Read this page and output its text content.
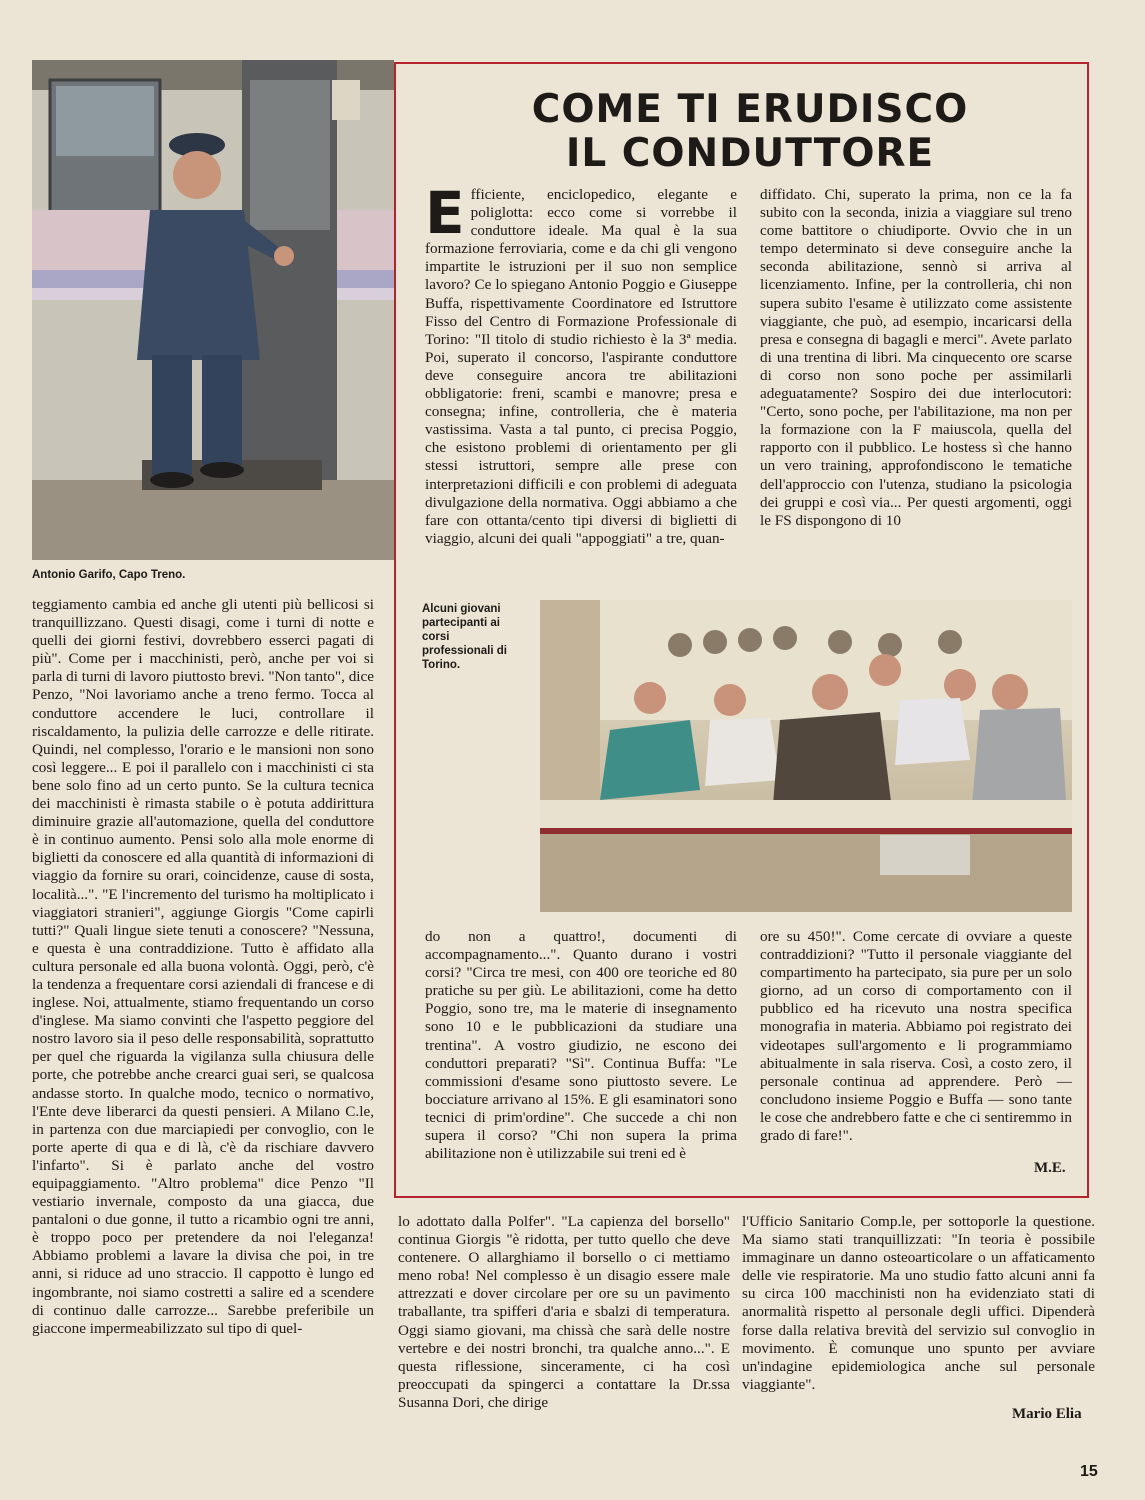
Antonio Garifo, Capo Treno.

COME TI ERUDISCO
IL CONDUTTORE
Efficiente, enciclopedico, elegante e poliglotta: ecco come si vorrebbe il conduttore ideale. Ma qual è la sua formazione ferroviaria, come e da chi gli vengono impartite le istruzioni per il suo non semplice lavoro? Ce lo spiegano Antonio Poggio e Giuseppe Buffa, rispettivamente Coordinatore ed Istruttore Fisso del Centro di Formazione Professionale di Torino: "Il titolo di studio richiesto è la 3ª media. Poi, superato il concorso, l'aspirante conduttore deve conseguire ancora tre abilitazioni obbligatorie: freni, scambi e manovre; presa e consegna; infine, controlleria, che è materia vastissima. Vasta a tal punto, ci precisa Poggio, che esistono problemi di orientamento per gli stessi istruttori, sempre alle prese con interpretazioni difficili e con problemi di adeguata divulgazione della normativa. Oggi abbiamo a che fare con ottanta/cento tipi diversi di biglietti di viaggio, alcuni dei quali "appoggiati" a tre, quan-

diffidato. Chi, superato la prima, non ce la fa subito con la seconda, inizia a viaggiare sul treno come battitore o chiudiporte. Ovvio che in un tempo determinato si deve conseguire anche la seconda abilitazione, sennò si arriva al licenziamento. Infine, per la controlleria, chi non supera subito l'esame è utilizzato come assistente viaggiante, che può, ad esempio, incaricarsi della presa e consegna di bagagli e merci". Avete parlato di una trentina di libri. Ma cinquecento ore scarse di corso non sono poche per assimilarli adeguatamente? Sospiro dei due interlocutori: "Certo, sono poche, per l'abilitazione, ma non per la formazione con la F maiuscola, quella del rapporto con il pubblico. Le hostess sì che hanno un vero training, approfondiscono le tematiche dell'approccio con l'utenza, studiano la psicologia dei gruppi e così via... Per questi argomenti, oggi le FS dispongono di 10

Alcuni giovani partecipanti ai corsi professionali di Torino.

do non a quattro!, documenti di accompagnamento...". Quanto durano i vostri corsi? "Circa tre mesi, con 400 ore teoriche ed 80 pratiche su per giù. Le abilitazioni, come ha detto Poggio, sono tre, ma le materie di insegnamento sono 10 e le pubblicazioni da studiare una trentina". A vostro giudizio, ne escono dei conduttori preparati? "Sì". Continua Buffa: "Le commissioni d'esame sono piuttosto severe. Le bocciature arrivano al 15%. E gli esaminatori sono tecnici di prim'ordine". Che succede a chi non supera il corso? "Chi non supera la prima abilitazione non è utilizzabile sui treni ed è

ore su 450!". Come cercate di ovviare a queste contraddizioni? "Tutto il personale viaggiante del compartimento ha partecipato, sia pure per un solo giorno, ad un corso di comportamento con il pubblico ed ha ricevuto una nostra specifica monografia in materia. Abbiamo poi registrato dei videotapes sull'argomento e li programmiamo abitualmente in sala riserva. Così, a costo zero, il personale continua ad apprendere. Però — concludono insieme Poggio e Buffa — sono tante le cose che andrebbero fatte e che ci sentiremmo in grado di fare!".

M.E.

teggiamento cambia ed anche gli utenti più bellicosi si tranquillizzano. Questi disagi, come i turni di notte e quelli dei giorni festivi, dovrebbero esserci pagati di più". Come per i macchinisti, però, anche per voi si parla di turni di lavoro piuttosto brevi. "Non tanto", dice Penzo, "Noi lavoriamo anche a treno fermo. Tocca al conduttore accendere le luci, controllare il riscaldamento, la pulizia delle carrozze e delle ritirate. Quindi, nel complesso, l'orario e le mansioni non sono così leggere... E poi il parallelo con i macchinisti ci sta bene solo fino ad un certo punto. Se la cultura tecnica dei macchinisti è rimasta stabile o è potuta addirittura diminuire grazie all'automazione, quella del conduttore è in continuo aumento. Pensi solo alla mole enorme di biglietti da conoscere ed alla quantità di informazioni di viaggio da fornire su orari, coincidenze, cause di sosta, località...". "E l'incremento del turismo ha moltiplicato i viaggiatori stranieri", aggiunge Giorgis "Come capirli tutti?" Quali lingue siete tenuti a conoscere? "Nessuna, e questa è una contraddizione. Tutto è affidato alla cultura personale ed alla buona volontà. Oggi, però, c'è la tendenza a frequentare corsi aziendali di francese e di inglese. Noi, attualmente, stiamo frequentando un corso d'inglese. Ma siamo convinti che l'aspetto peggiore del nostro lavoro sia il peso delle responsabilità, soprattutto per quel che riguarda la vigilanza sulla chiusura delle porte, che potrebbe anche crearci guai seri, se qualcosa andasse storto. In qualche modo, tecnico o normativo, l'Ente deve liberarci da questi pensieri. A Milano C.le, in partenza con due marciapiedi per convoglio, con le porte aperte di qua e di là, c'è da rischiare davvero l'infarto". Si è parlato anche del vostro equipaggiamento. "Altro problema" dice Penzo "Il vestiario invernale, composto da una giacca, due pantaloni o due gonne, il tutto a ricambio ogni tre anni, è troppo poco per pretendere da noi l'eleganza! Abbiamo problemi a lavare la divisa che poi, in tre anni, si riduce ad uno straccio. Il cappotto è lungo ed ingombrante, noi siamo costretti a salire ed a scendere di continuo dalle carrozze... Sarebbe preferibile un giaccone impermeabilizzato sul tipo di quel-

lo adottato dalla Polfer". "La capienza del borsello" continua Giorgis "è ridotta, per tutto quello che deve contenere. O allarghiamo il borsello o ci mettiamo meno roba! Nel complesso è un disagio essere male attrezzati e dover circolare per ore su un pavimento traballante, tra spifferi d'aria e sbalzi di temperatura. Oggi siamo giovani, ma chissà che sarà delle nostre vertebre e dei nostri bronchi, tra qualche anno...". E questa riflessione, sinceramente, ci ha così preoccupati da spingerci a contattare la Dr.ssa Susanna Dori, che dirige

l'Ufficio Sanitario Comp.le, per sottoporle la questione. Ma siamo stati tranquillizzati: "In teoria è possibile immaginare un danno osteoarticolare o un affaticamento delle vie respiratorie. Ma uno studio fatto alcuni anni fa su circa 100 macchinisti non ha evidenziato stati di anormalità rispetto al personale degli uffici. Dipenderà forse dalla relativa brevità del servizio sul convoglio in movimento. È comunque uno spunto per avviare un'indagine epidemiologica anche sul personale viaggiante".

Mario Elia

15
